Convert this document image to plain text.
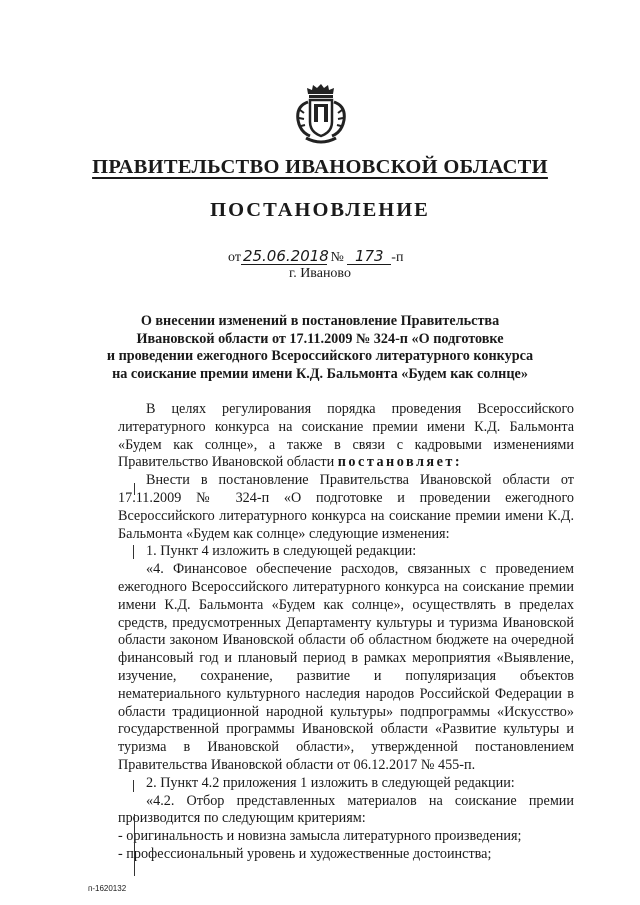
ПРАВИТЕЛЬСТВО ИВАНОВСКОЙ ОБЛАСТИ
ПОСТАНОВЛЕНИЕ
от 25.06.2018 № 173 -п
г. Иваново
О внесении изменений в постановление Правительства
Ивановской области от 17.11.2009 № 324-п «О подготовке
и проведении ежегодного Всероссийского литературного конкурса
на соискание премии имени К.Д. Бальмонта «Будем как солнце»

В целях регулирования порядка проведения Всероссийского литературного конкурса на соискание премии имени К.Д. Бальмонта «Будем как солнце», а также в связи с кадровыми изменениями Правительство Ивановской области постановляет:

Внести в постановление Правительства Ивановской области от 17.11.2009 № 324-п «О подготовке и проведении ежегодного Всероссийского литературного конкурса на соискание премии имени К.Д. Бальмонта «Будем как солнце» следующие изменения:

1. Пункт 4 изложить в следующей редакции:

«4. Финансовое обеспечение расходов, связанных с проведением ежегодного Всероссийского литературного конкурса на соискание премии имени К.Д. Бальмонта «Будем как солнце», осуществлять в пределах средств, предусмотренных Департаменту культуры и туризма Ивановской области законом Ивановской области об областном бюджете на очередной финансовый год и плановый период в рамках мероприятия «Выявление, изучение, сохранение, развитие и популяризация объектов нематериального культурного наследия народов Российской Федерации в области традиционной народной культуры» подпрограммы «Искусство» государственной программы Ивановской области «Развитие культуры и туризма в Ивановской области», утвержденной постановлением Правительства Ивановской области от 06.12.2017 № 455-п.

2. Пункт 4.2 приложения 1 изложить в следующей редакции:

«4.2. Отбор представленных материалов на соискание премии производится по следующим критериям:

- оригинальность и новизна замысла литературного произведения;

- профессиональный уровень и художественные достоинства;

п-1620132
